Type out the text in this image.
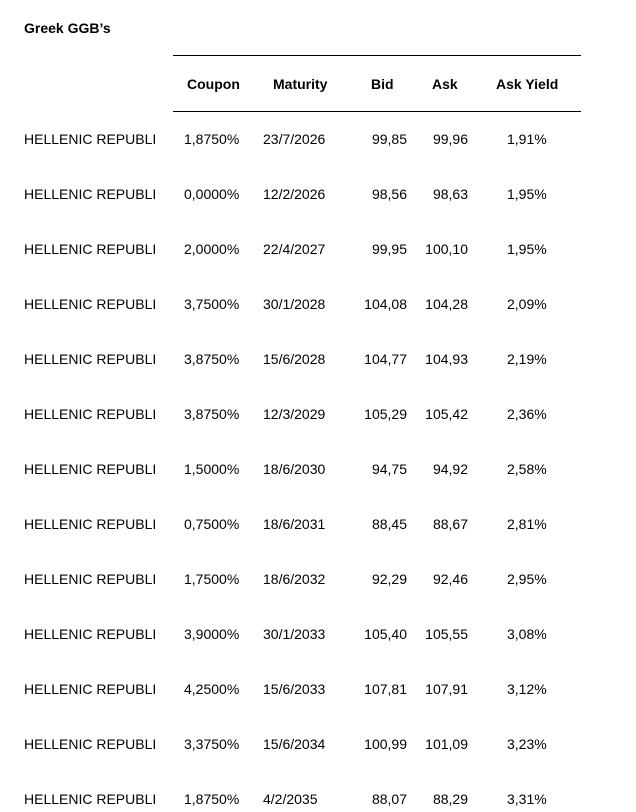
Greek GGB’s
Coupon Maturity	Bid	Ask	Ask Yield
HELLENIC REPUBLI 1,8750% 23/7/2026	99,85 99,96	1,91%
HELLENIC REPUBLI 0,0000% 12/2/2026	98,56 98,63	1,95%
HELLENIC REPUBLI 2,0000% 22/4/2027	99,95 100,10	1,95%
HELLENIC REPUBLI 3,7500% 30/1/2028	104,08 104,28	2,09%
HELLENIC REPUBLI 3,8750% 15/6/2028	104,77 104,93	2,19%
HELLENIC REPUBLI 3,8750% 12/3/2029	105,29 105,42	2,36%
HELLENIC REPUBLI 1,5000% 18/6/2030	94,75 94,92	2,58%
HELLENIC REPUBLI 0,7500% 18/6/2031	88,45 88,67	2,81%
HELLENIC REPUBLI 1,7500% 18/6/2032	92,29 92,46	2,95%
HELLENIC REPUBLI 3,9000% 30/1/2033	105,40 105,55	3,08%
HELLENIC REPUBLI 4,2500% 15/6/2033	107,81 107,91	3,12%
HELLENIC REPUBLI 3,3750% 15/6/2034	100,99 101,09	3,23%
HELLENIC REPUBLI 1,8750% 4/2/2035	88,07 88,29	3,31%
